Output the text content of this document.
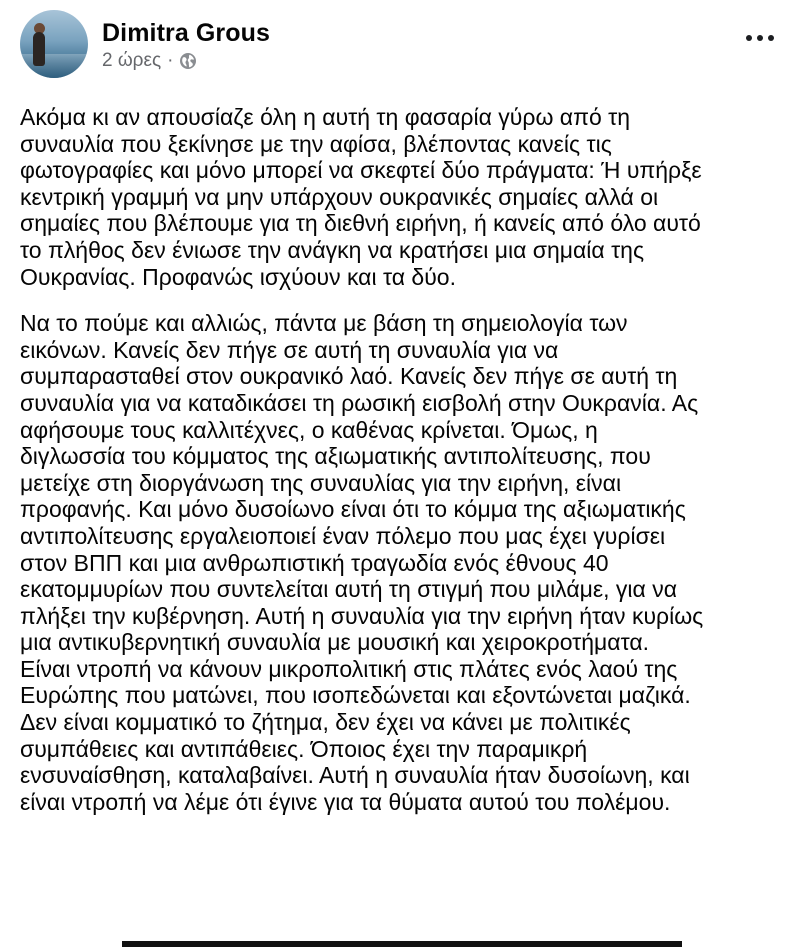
Dimitra Grous
2 ώρες ·

Ακόμα κι αν απουσίαζε όλη η αυτή τη φασαρία γύρω από τη

συναυλία που ξεκίνησε με την αφίσα, βλέποντας κανείς τις

φωτογραφίες και μόνο μπορεί να σκεφτεί δύο πράγματα: Ή υπήρξε

κεντρική γραμμή να μην υπάρχουν ουκρανικές σημαίες αλλά οι

σημαίες που βλέπουμε για τη διεθνή ειρήνη, ή κανείς από όλο αυτό

το πλήθος δεν ένιωσε την ανάγκη να κρατήσει μια σημαία της

Ουκρανίας. Προφανώς ισχύουν και τα δύο.

Να το πούμε και αλλιώς, πάντα με βάση τη σημειολογία των

εικόνων. Κανείς δεν πήγε σε αυτή τη συναυλία για να

συμπαρασταθεί στον ουκρανικό λαό. Κανείς δεν πήγε σε αυτή τη

συναυλία για να καταδικάσει τη ρωσική εισβολή στην Ουκρανία. Ας

αφήσουμε τους καλλιτέχνες, ο καθένας κρίνεται. Όμως, η

διγλωσσία του κόμματος της αξιωματικής αντιπολίτευσης, που

μετείχε στη διοργάνωση της συναυλίας για την ειρήνη, είναι

προφανής. Και μόνο δυσοίωνο είναι ότι το κόμμα της αξιωματικής

αντιπολίτευσης εργαλειοποιεί έναν πόλεμο που μας έχει γυρίσει

στον ΒΠΠ και μια ανθρωπιστική τραγωδία ενός έθνους 40

εκατομμυρίων που συντελείται αυτή τη στιγμή που μιλάμε, για να

πλήξει την κυβέρνηση. Αυτή η συναυλία για την ειρήνη ήταν κυρίως

μια αντικυβερνητική συναυλία με μουσική και χειροκροτήματα.

Είναι ντροπή να κάνουν μικροπολιτική στις πλάτες ενός λαού της

Ευρώπης που ματώνει, που ισοπεδώνεται και εξοντώνεται μαζικά.

Δεν είναι κομματικό το ζήτημα, δεν έχει να κάνει με πολιτικές

συμπάθειες και αντιπάθειες. Όποιος έχει την παραμικρή

ενσυναίσθηση, καταλαβαίνει. Αυτή η συναυλία ήταν δυσοίωνη, και

είναι ντροπή να λέμε ότι έγινε για τα θύματα αυτού του πολέμου.
